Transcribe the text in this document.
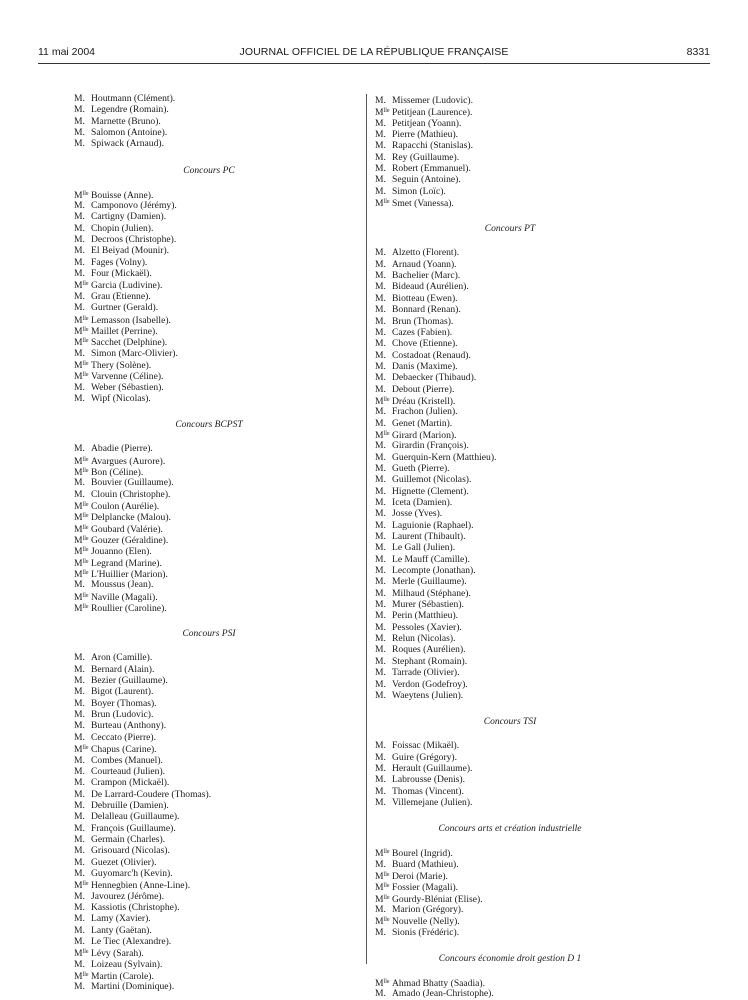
11 mai 2004	JOURNAL OFFICIEL DE LA RÉPUBLIQUE FRANÇAISE	8331
M. Houtmann (Clément).
M. Legendre (Romain).
M. Marnette (Bruno).
M. Salomon (Antoine).
M. Spiwack (Arnaud).
Concours PC
$M^{lle}$ Bouisse (Anne).
M. Camponovo (Jérémy).
M. Cartigny (Damien).
M. Chopin (Julien).
M. Decroos (Christophe).
M. El Beiyad (Mounir).
M. Fages (Volny).
M. Four (Mickaël).
$M^{lle}$ Garcia (Ludivine).
M. Grau (Etienne).
M. Gurtner (Gerald).
$M^{lle}$ Lemasson (Isabelle).
$M^{lle}$ Maillet (Perrine).
$M^{lle}$ Sacchet (Delphine).
M. Simon (Marc-Olivier).
$M^{lle}$ Thery (Solène).
$M^{lle}$ Varvenne (Céline).
M. Weber (Sébastien).
M. Wipf (Nicolas).
Concours BCPST
M. Abadie (Pierre).
$M^{lle}$ Avargues (Aurore).
$M^{lle}$ Bon (Céline).
M. Bouvier (Guillaume).
M. Clouin (Christophe).
$M^{lle}$ Coulon (Aurélie).
$M^{lle}$ Delplancke (Malou).
$M^{lle}$ Goubard (Valérie).
$M^{lle}$ Gouzer (Géraldine).
$M^{lle}$ Jouanno (Elen).
$M^{lle}$ Legrand (Marine).
$M^{lle}$ L'Huillier (Marion).
M. Moussus (Jean).
$M^{lle}$ Naville (Magali).
$M^{lle}$ Roullier (Caroline).
Concours PSI
M. Aron (Camille).
M. Bernard (Alain).
M. Bezier (Guillaume).
M. Bigot (Laurent).
M. Boyer (Thomas).
M. Brun (Ludovic).
M. Burteau (Anthony).
M. Ceccato (Pierre).
$M^{lle}$ Chapus (Carine).
M. Combes (Manuel).
M. Courteaud (Julien).
M. Crampon (Mickaël).
M. De Larrard-Coudere (Thomas).
M. Debruille (Damien).
M. Delalleau (Guillaume).
M. François (Guillaume).
M. Germain (Charles).
M. Grisouard (Nicolas).
M. Guezet (Olivier).
M. Guyomarc'h (Kevin).
$M^{lle}$ Hennegbien (Anne-Line).
M. Javourez (Jérôme).
M. Kassiotis (Christophe).
M. Lamy (Xavier).
M. Lanty (Gaëtan).
M. Le Tiec (Alexandre).
$M^{lle}$ Lévy (Sarah).
M. Loizeau (Sylvain).
$M^{lle}$ Martin (Carole).
M. Martini (Dominique).
M. Missemer (Ludovic).
$M^{lle}$ Petitjean (Laurence).
M. Petitjean (Yoann).
M. Pierre (Mathieu).
M. Rapacchi (Stanislas).
M. Rey (Guillaume).
M. Robert (Emmanuel).
M. Seguin (Antoine).
M. Simon (Loïc).
$M^{lle}$ Smet (Vanessa).
Concours PT
M. Alzetto (Florent).
M. Arnaud (Yoann).
M. Bachelier (Marc).
M. Bideaud (Aurélien).
M. Biotteau (Ewen).
M. Bonnard (Renan).
M. Brun (Thomas).
M. Cazes (Fabien).
M. Chove (Etienne).
M. Costadoat (Renaud).
M. Danis (Maxime).
M. Debaecker (Thibaud).
M. Debout (Pierre).
$M^{lle}$ Dréau (Kristell).
M. Frachon (Julien).
M. Genet (Martin).
$M^{lle}$ Girard (Marion).
M. Girardin (François).
M. Guerquin-Kern (Matthieu).
M. Gueth (Pierre).
M. Guillemot (Nicolas).
M. Hignette (Clement).
M. Iceta (Damien).
M. Josse (Yves).
M. Laguionie (Raphael).
M. Laurent (Thibault).
M. Le Gall (Julien).
M. Le Mauff (Camille).
M. Lecompte (Jonathan).
M. Merle (Guillaume).
M. Milhaud (Stéphane).
M. Murer (Sébastien).
M. Perin (Matthieu).
M. Pessoles (Xavier).
M. Relun (Nicolas).
M. Roques (Aurélien).
M. Stephant (Romain).
M. Tarrade (Olivier).
M. Verdon (Godefroy).
M. Waeytens (Julien).
Concours TSI
M. Foissac (Mikaël).
M. Guire (Grégory).
M. Herault (Guillaume).
M. Labrousse (Denis).
M. Thomas (Vincent).
M. Villemejane (Julien).
Concours arts et création industrielle
$M^{lle}$ Bourel (Ingrid).
M. Buard (Mathieu).
$M^{lle}$ Deroi (Marie).
$M^{lle}$ Fossier (Magali).
$M^{lle}$ Gourdy-Bléniat (Elise).
M. Marion (Grégory).
$M^{lle}$ Nouvelle (Nelly).
M. Sionis (Frédéric).
Concours économie droit gestion D 1
$M^{lle}$ Ahmad Bhatty (Saadia).
M. Amado (Jean-Christophe).
